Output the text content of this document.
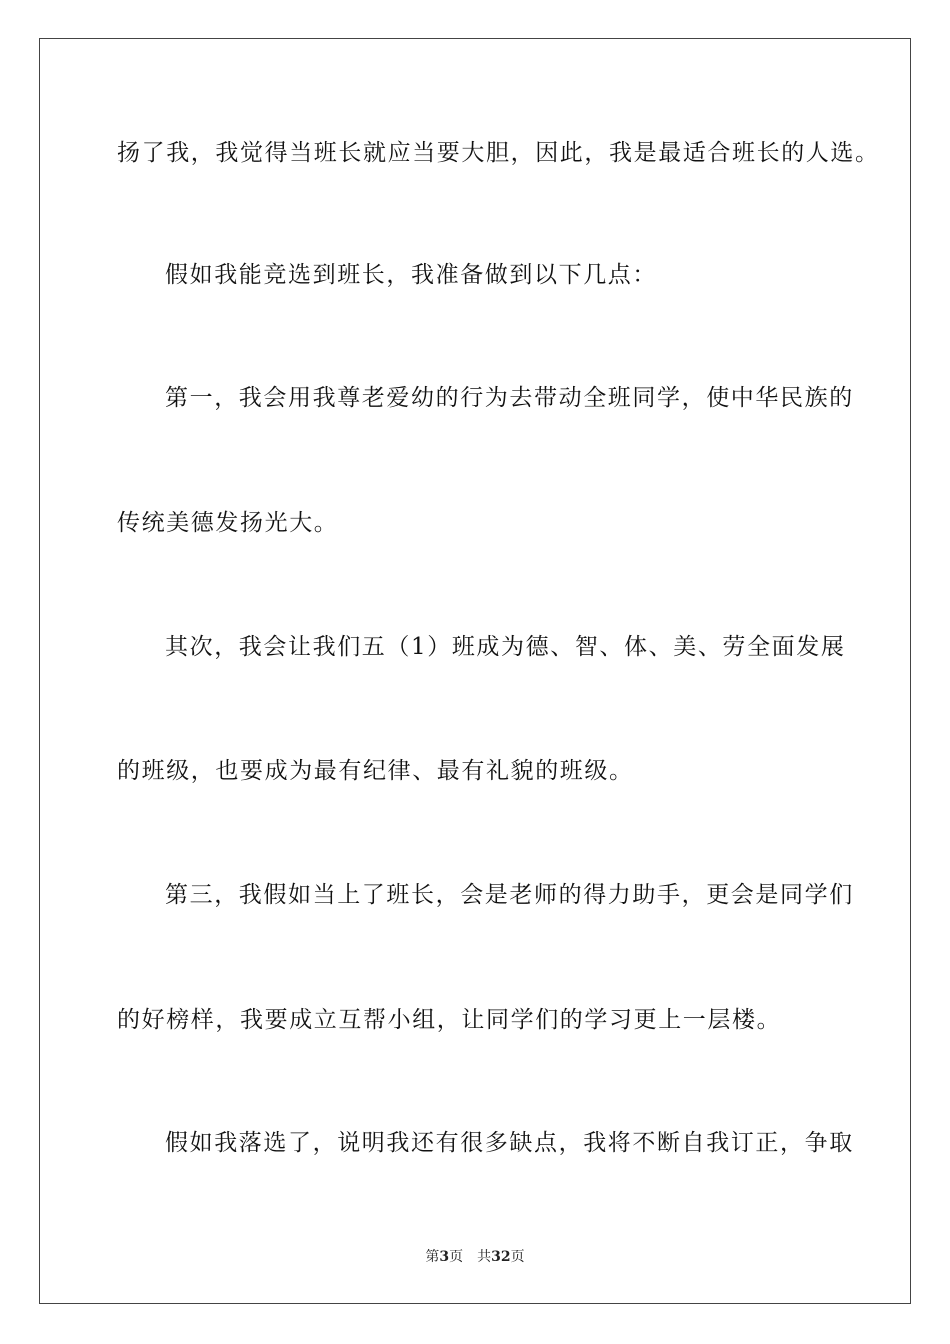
扬了我，我觉得当班长就应当要大胆，因此，我是最适合班长的人选。
假如我能竞选到班长，我准备做到以下几点：
第一，我会用我尊老爱幼的行为去带动全班同学，使中华民族的
传统美德发扬光大。
其次，我会让我们五（1）班成为德、智、体、美、劳全面发展
的班级，也要成为最有纪律、最有礼貌的班级。
第三，我假如当上了班长，会是老师的得力助手，更会是同学们
的好榜样，我要成立互帮小组，让同学们的学习更上一层楼。
假如我落选了，说明我还有很多缺点，我将不断自我订正，争取
第3页 共32页
